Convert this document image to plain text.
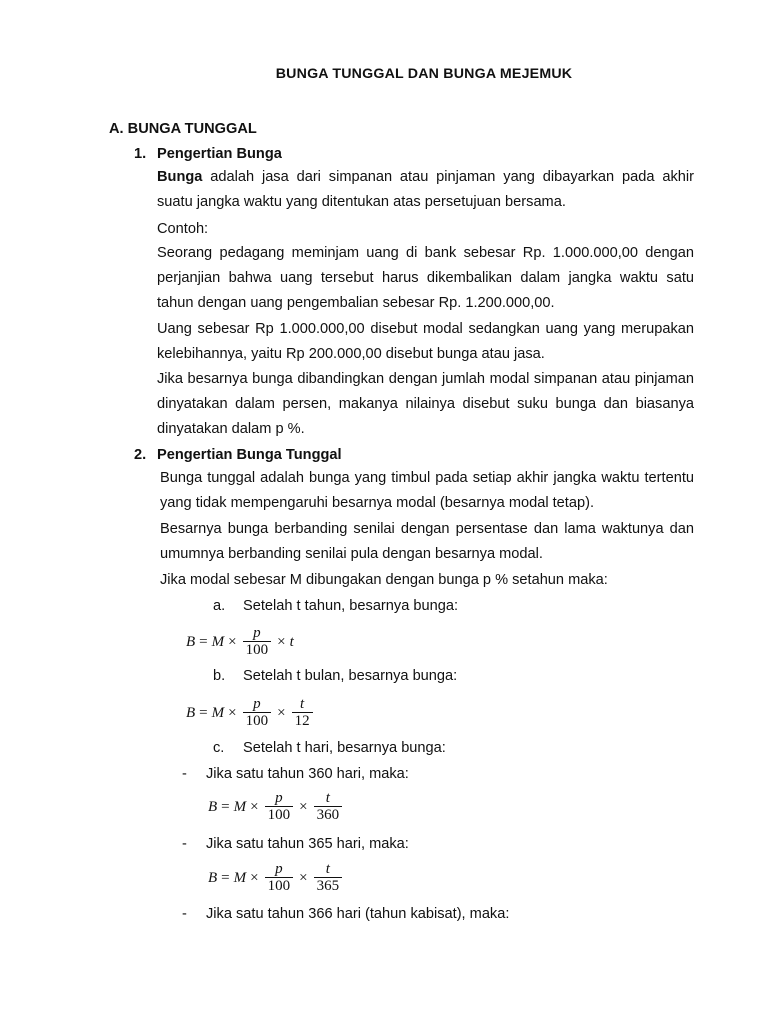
BUNGA TUNGGAL DAN BUNGA MEJEMUK
A. BUNGA TUNGGAL
1. Pengertian Bunga
Bunga adalah jasa dari simpanan atau pinjaman yang dibayarkan pada akhir suatu jangka waktu yang ditentukan atas persetujuan bersama.
Contoh:
Seorang pedagang meminjam uang di bank sebesar Rp. 1.000.000,00 dengan perjanjian bahwa uang tersebut harus dikembalikan dalam jangka waktu satu tahun dengan uang pengembalian sebesar Rp. 1.200.000,00.
Uang sebesar Rp 1.000.000,00 disebut modal sedangkan uang yang merupakan kelebihannya, yaitu Rp 200.000,00 disebut bunga atau jasa.
Jika besarnya bunga dibandingkan dengan jumlah modal simpanan atau pinjaman dinyatakan dalam persen, makanya nilainya disebut suku bunga dan biasanya dinyatakan dalam p %.
2. Pengertian Bunga Tunggal
Bunga tunggal adalah bunga yang timbul pada setiap akhir jangka waktu tertentu yang tidak mempengaruhi besarnya modal (besarnya modal tetap).
Besarnya bunga berbanding senilai dengan persentase dan lama waktunya dan umumnya berbanding senilai pula dengan besarnya modal.
Jika modal sebesar M dibungakan dengan bunga p % setahun maka:
a. Setelah t tahun, besarnya bunga:
$B = M \times \frac{p}{100} \times t$
b. Setelah t bulan, besarnya bunga:
$B = M \times \frac{p}{100} \times \frac{t}{12}$
c. Setelah t hari, besarnya bunga:
- Jika satu tahun 360 hari, maka:
$B = M \times \frac{p}{100} \times \frac{t}{360}$
- Jika satu tahun 365 hari, maka:
$B = M \times \frac{p}{100} \times \frac{t}{365}$
- Jika satu tahun 366 hari (tahun kabisat), maka:
